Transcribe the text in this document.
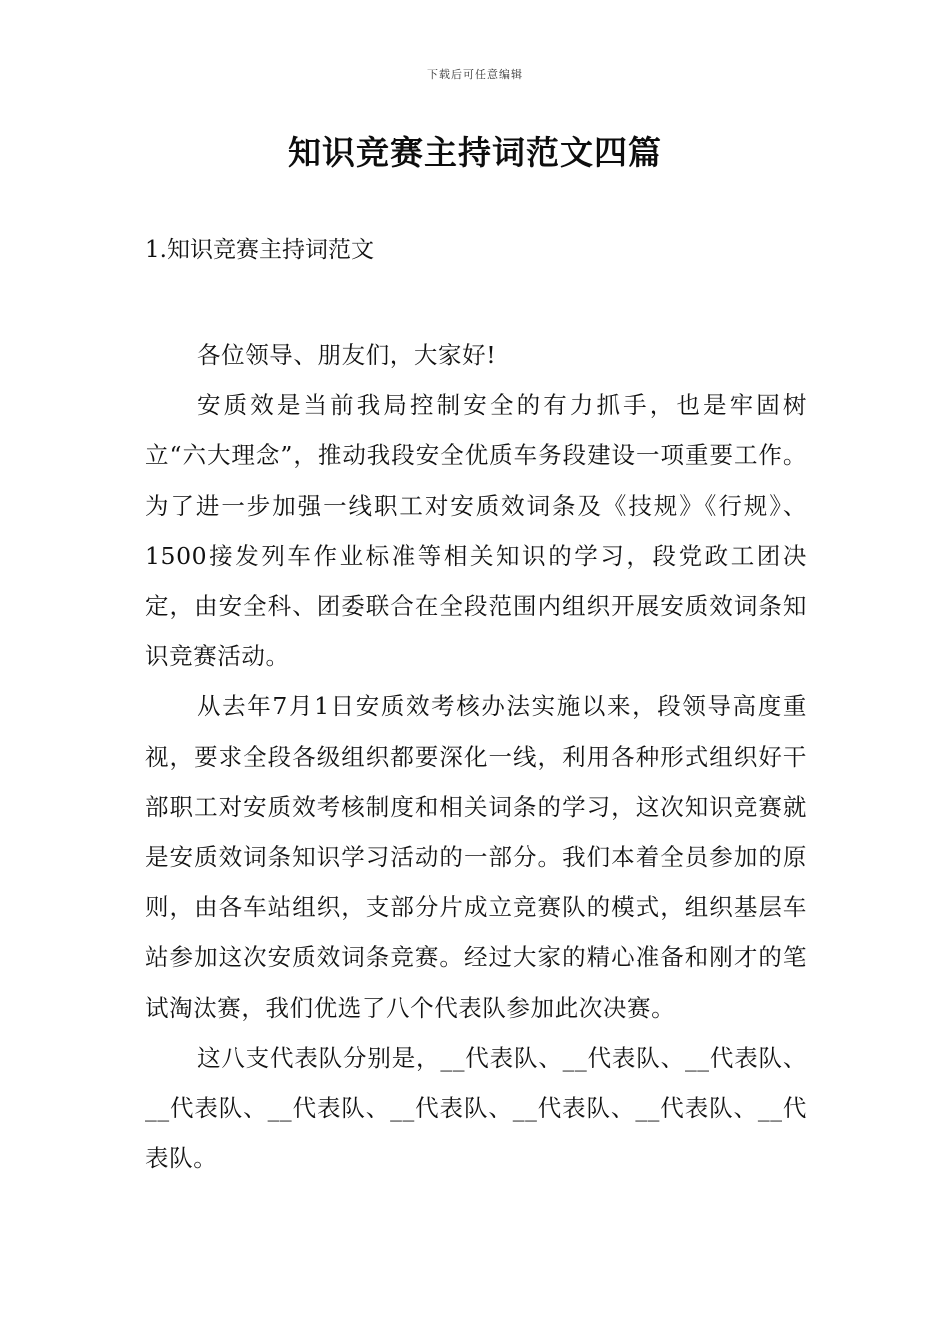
下载后可任意编辑
知识竞赛主持词范文四篇
1.知识竞赛主持词范文

各位领导、朋友们，大家好!

安质效是当前我局控制安全的有力抓手，也是牢固树立“六大理念”，推动我段安全优质车务段建设一项重要工作。为了进一步加强一线职工对安质效词条及《技规》《行规》、1500接发列车作业标准等相关知识的学习，段党政工团决定，由安全科、团委联合在全段范围内组织开展安质效词条知识竞赛活动。

从去年7月1日安质效考核办法实施以来，段领导高度重视，要求全段各级组织都要深化一线，利用各种形式组织好干部职工对安质效考核制度和相关词条的学习，这次知识竞赛就是安质效词条知识学习活动的一部分。我们本着全员参加的原则，由各车站组织，支部分片成立竞赛队的模式，组织基层车站参加这次安质效词条竞赛。经过大家的精心准备和刚才的笔试淘汰赛，我们优选了八个代表队参加此次决赛。

这八支代表队分别是，__代表队、__代表队、__代表队、__代表队、__代表队、__代表队、__代表队、__代表队、__代表队。
